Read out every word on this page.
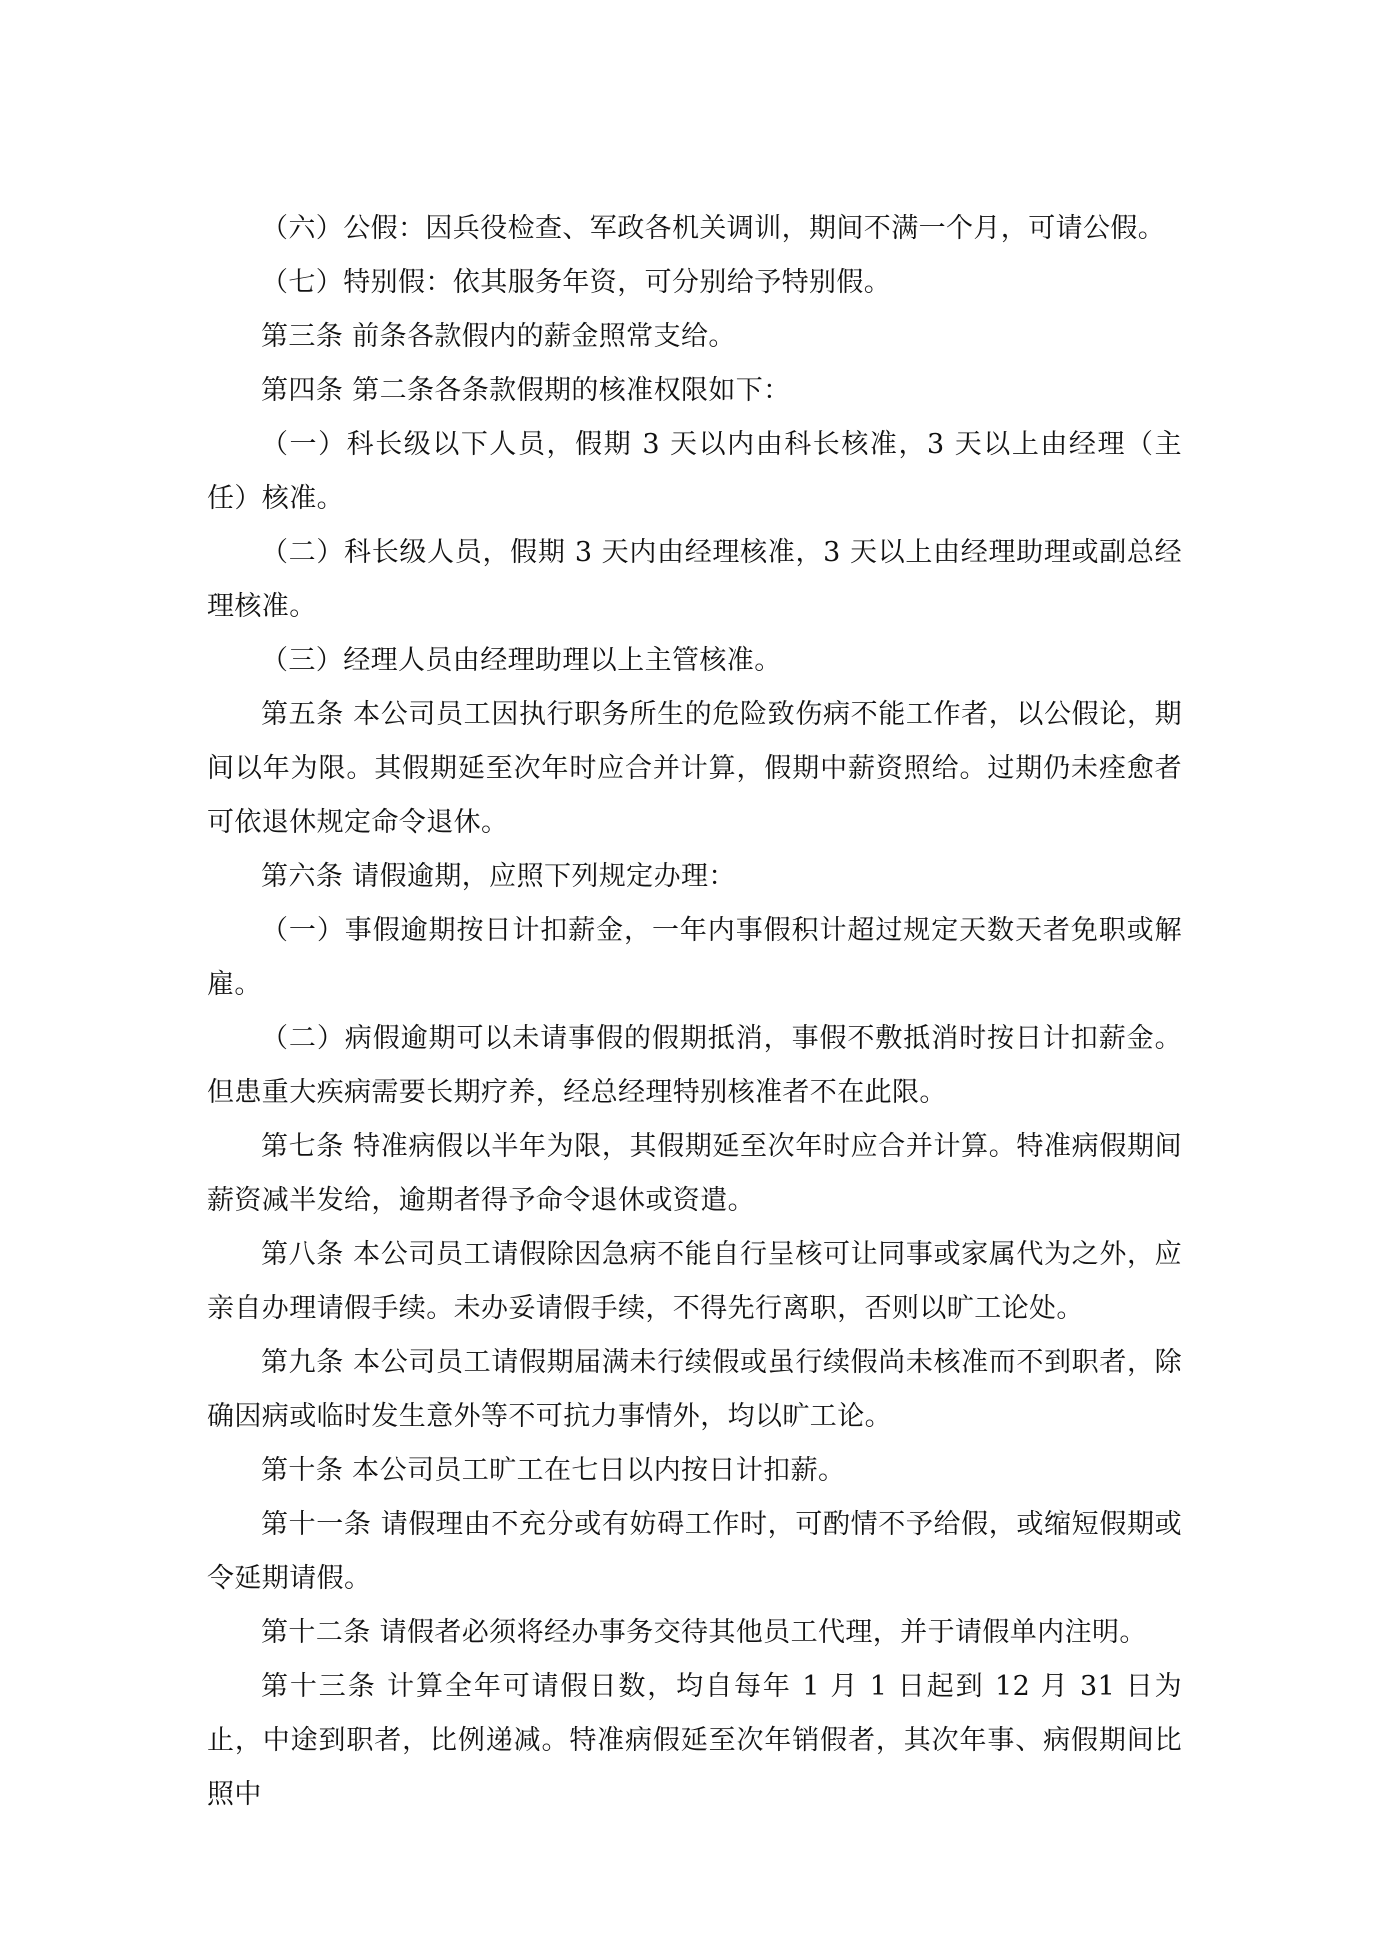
（六）公假：因兵役检查、军政各机关调训，期间不满一个月，可请公假。

（七）特别假：依其服务年资，可分别给予特别假。

第三条 前条各款假内的薪金照常支给。

第四条 第二条各条款假期的核准权限如下：

（一）科长级以下人员，假期 3 天以内由科长核准，3 天以上由经理（主任）核准。

（二）科长级人员，假期 3 天内由经理核准，3 天以上由经理助理或副总经理核准。

（三）经理人员由经理助理以上主管核准。

第五条 本公司员工因执行职务所生的危险致伤病不能工作者，以公假论，期间以年为限。其假期延至次年时应合并计算，假期中薪资照给。过期仍未痊愈者可依退休规定命令退休。

第六条 请假逾期，应照下列规定办理：

（一）事假逾期按日计扣薪金，一年内事假积计超过规定天数天者免职或解雇。

（二）病假逾期可以未请事假的假期抵消，事假不敷抵消时按日计扣薪金。但患重大疾病需要长期疗养，经总经理特别核准者不在此限。

第七条 特准病假以半年为限，其假期延至次年时应合并计算。特准病假期间薪资减半发给，逾期者得予命令退休或资遣。

第八条 本公司员工请假除因急病不能自行呈核可让同事或家属代为之外，应亲自办理请假手续。未办妥请假手续，不得先行离职，否则以旷工论处。

第九条 本公司员工请假期届满未行续假或虽行续假尚未核准而不到职者，除确因病或临时发生意外等不可抗力事情外，均以旷工论。

第十条 本公司员工旷工在七日以内按日计扣薪。

第十一条 请假理由不充分或有妨碍工作时，可酌情不予给假，或缩短假期或令延期请假。

第十二条 请假者必须将经办事务交待其他员工代理，并于请假单内注明。

第十三条 计算全年可请假日数，均自每年 1 月 1 日起到 12 月 31 日为止，中途到职者，比例递减。特准病假延至次年销假者，其次年事、病假期间比照中
